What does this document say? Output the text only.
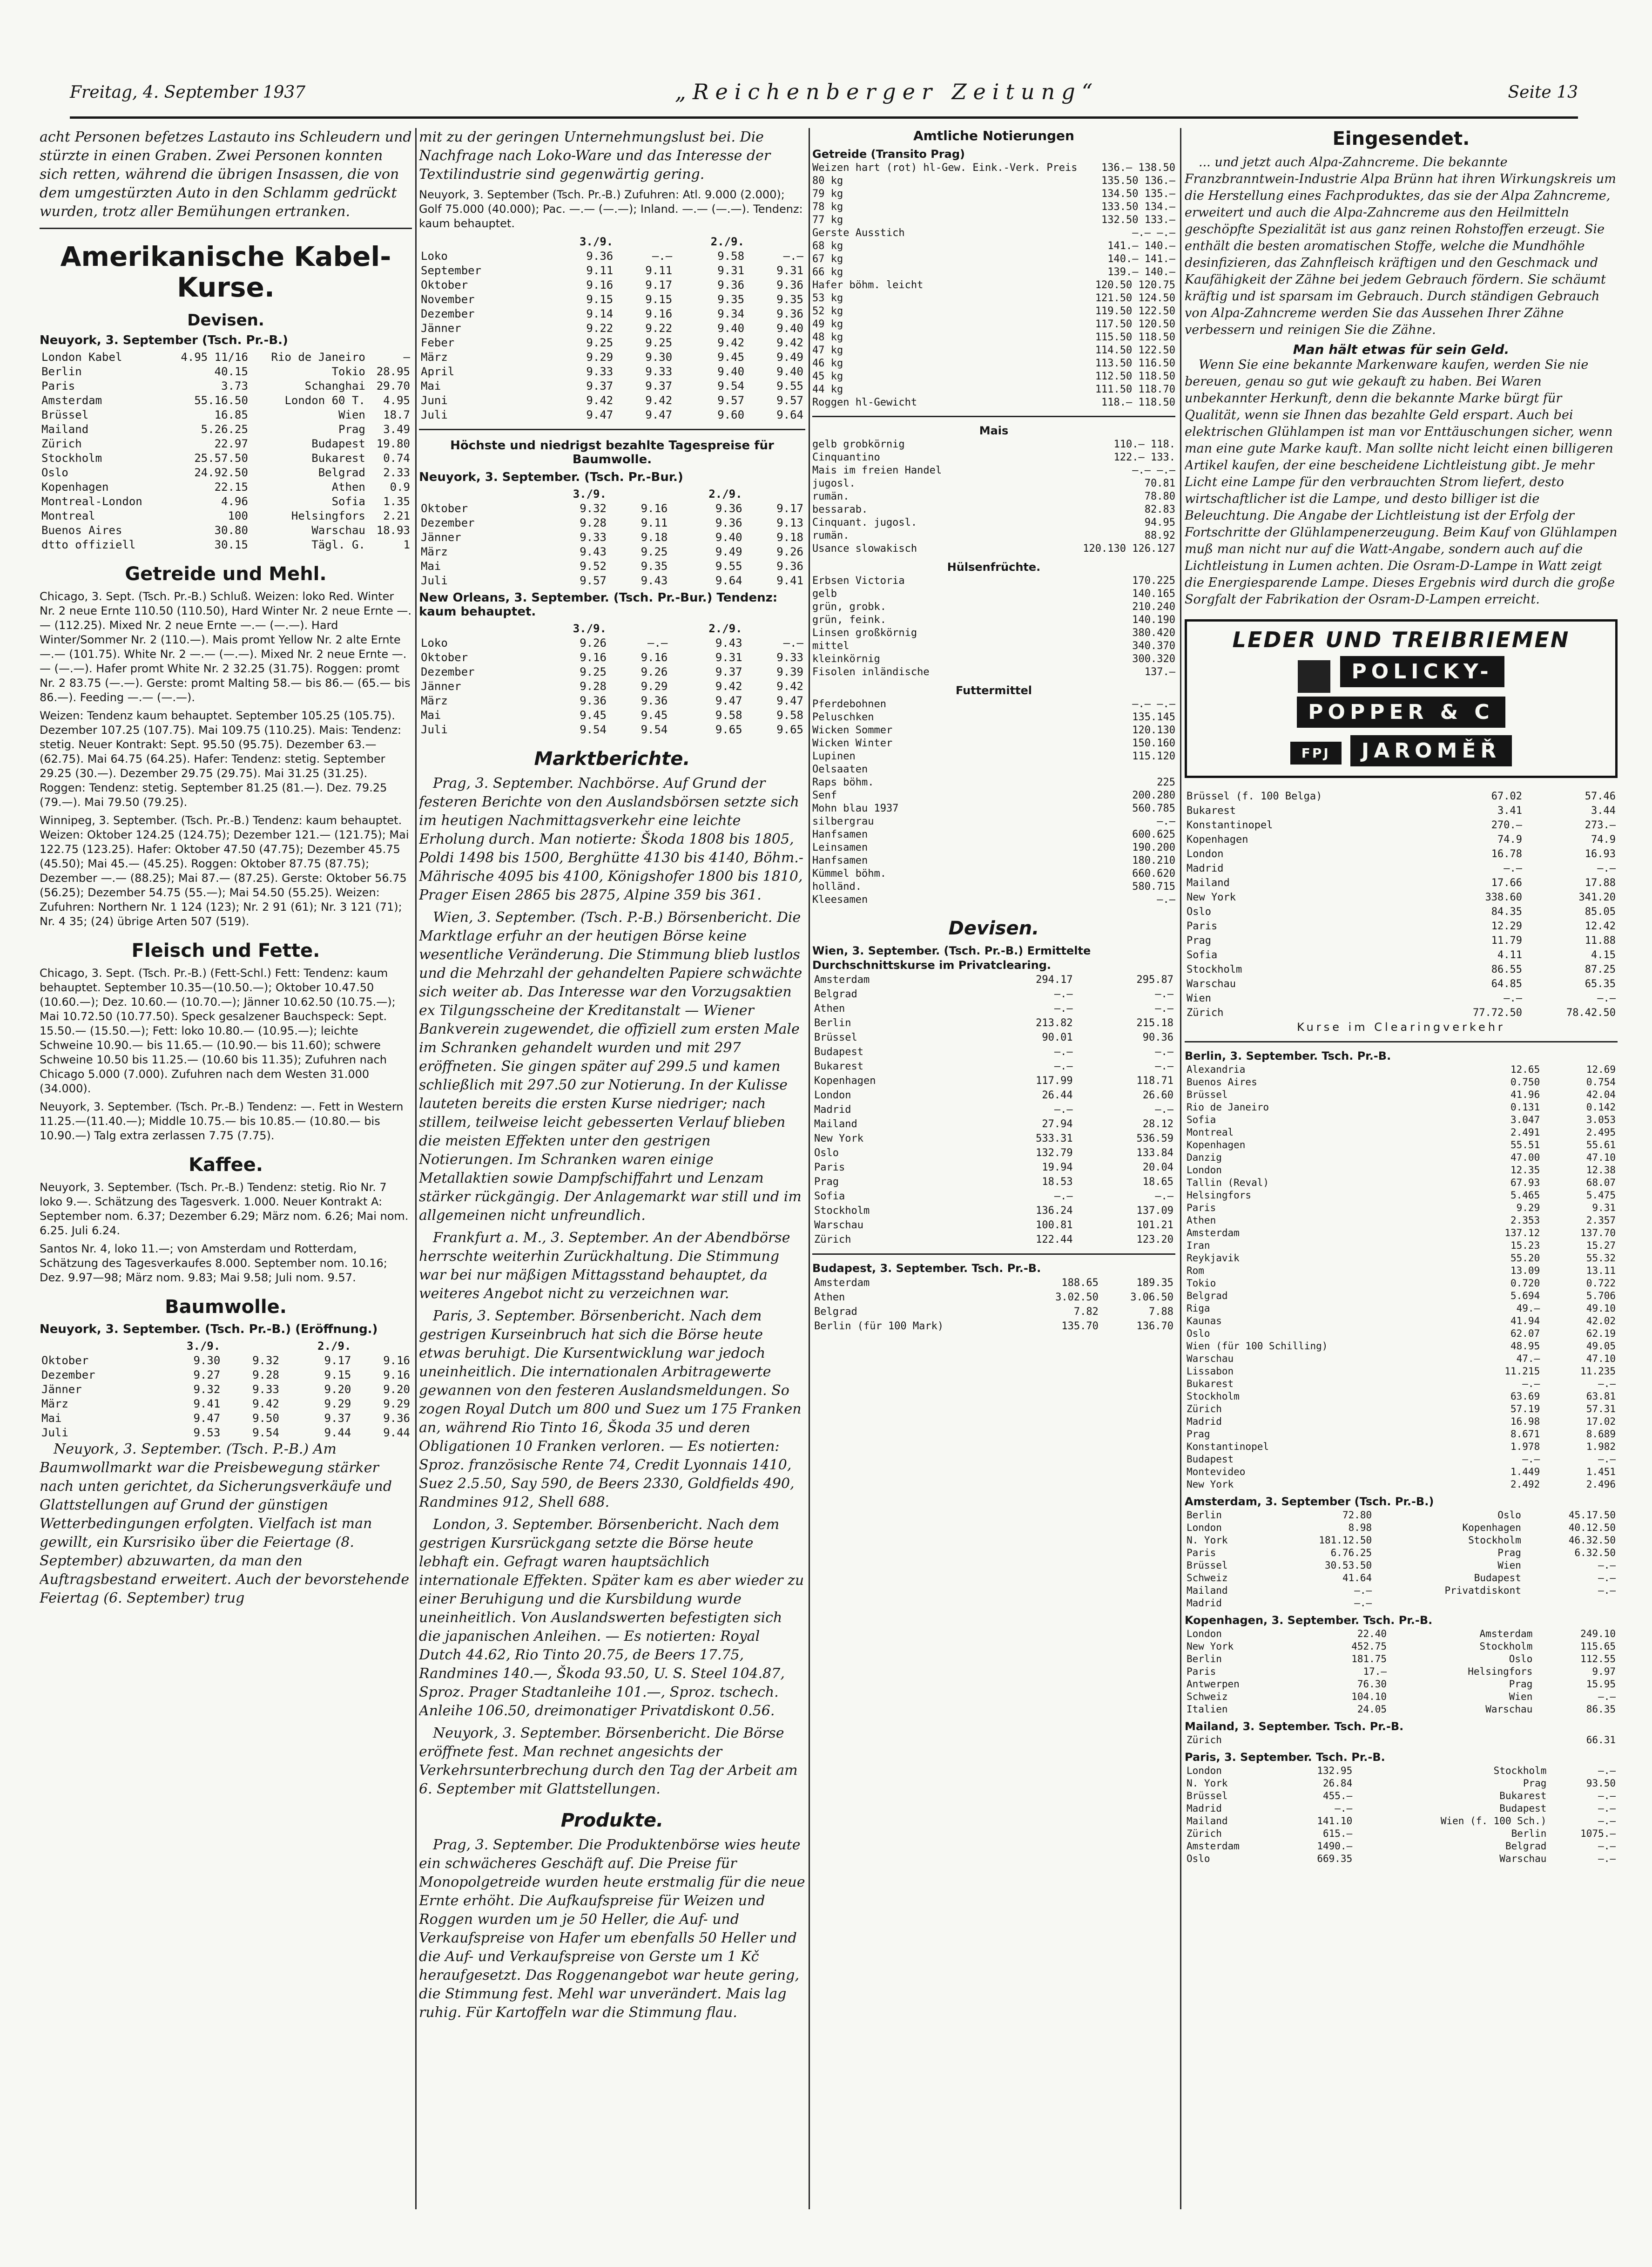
Freitag, 4. September 1937	„Reichenberger Zeitung“	Seite 13

acht Personen befetzes Lastauto ins Schleudern und stürzte in einen Graben. Zwei Personen konnten sich retten, während die übrigen Insassen, die von dem umgestürzten Auto in den Schlamm gedrückt wurden, trotz aller Bemühungen ertranken.

Amerikanische Kabel-Kurse.
Devisen.
Neuyork, 3. September (Tsch. Pr.-B.)
London Kabel	4.95 11/16	Rio de Janeiro	—
Berlin	40.15	Tokio	28.95
Paris	3.73	Schanghai	29.70
Amsterdam	55.16.50	London 60 T.	4.95
Brüssel	16.85	Wien	18.7
Mailand	5.26.25	Prag	3.49
Zürich	22.97	Budapest	19.80
Stockholm	25.57.50	Bukarest	0.74
Oslo	24.92.50	Belgrad	2.33
Kopenhagen	22.15	Athen	0.9
Montreal-London	4.96	Sofia	1.35
Montreal	100	Helsingfors	2.21
Buenos Aires	30.80	Warschau	18.93
dtto offiziell	30.15	Tägl. G.	1
Getreide und Mehl.

Chicago, 3. Sept. (Tsch. Pr.-B.) Schluß. Weizen: loko Red. Winter Nr. 2 neue Ernte 110.50 (110.50), Hard Winter Nr. 2 neue Ernte —.— (112.25). Mixed Nr. 2 neue Ernte —.— (—.—). Hard Winter/Sommer Nr. 2 (110.—). Mais promt Yellow Nr. 2 alte Ernte —.— (101.75). White Nr. 2 —.— (—.—). Mixed Nr. 2 neue Ernte —.— (—.—). Hafer promt White Nr. 2 32.25 (31.75). Roggen: promt Nr. 2 83.75 (—.—). Gerste: promt Malting 58.— bis 86.— (65.— bis 86.—). Feeding —.— (—.—).

Weizen: Tendenz kaum behauptet. September 105.25 (105.75). Dezember 107.25 (107.75). Mai 109.75 (110.25). Mais: Tendenz: stetig. Neuer Kontrakt: Sept. 95.50 (95.75). Dezember 63.— (62.75). Mai 64.75 (64.25). Hafer: Tendenz: stetig. September 29.25 (30.—). Dezember 29.75 (29.75). Mai 31.25 (31.25). Roggen: Tendenz: stetig. September 81.25 (81.—). Dez. 79.25 (79.—). Mai 79.50 (79.25).

Winnipeg, 3. September. (Tsch. Pr.-B.) Tendenz: kaum behauptet. Weizen: Oktober 124.25 (124.75); Dezember 121.— (121.75); Mai 122.75 (123.25). Hafer: Oktober 47.50 (47.75); Dezember 45.75 (45.50); Mai 45.— (45.25). Roggen: Oktober 87.75 (87.75); Dezember —.— (88.25); Mai 87.— (87.25). Gerste: Oktober 56.75 (56.25); Dezember 54.75 (55.—); Mai 54.50 (55.25). Weizen: Zufuhren: Northern Nr. 1 124 (123); Nr. 2 91 (61); Nr. 3 121 (71); Nr. 4 35; (24) übrige Arten 507 (519).

Fleisch und Fette.

Chicago, 3. Sept. (Tsch. Pr.-B.) (Fett-Schl.) Fett: Tendenz: kaum behauptet. September 10.35—(10.50.—); Oktober 10.47.50 (10.60.—); Dez. 10.60.— (10.70.—); Jänner 10.62.50 (10.75.—); Mai 10.72.50 (10.77.50). Speck gesalzener Bauchspeck: Sept. 15.50.— (15.50.—); Fett: loko 10.80.— (10.95.—); leichte Schweine 10.90.— bis 11.65.— (10.90.— bis 11.60); schwere Schweine 10.50 bis 11.25.— (10.60 bis 11.35); Zufuhren nach Chicago 5.000 (7.000). Zufuhren nach dem Westen 31.000 (34.000).

Neuyork, 3. September. (Tsch. Pr.-B.) Tendenz: —. Fett in Western 11.25.—(11.40.—); Middle 10.75.— bis 10.85.— (10.80.— bis 10.90.—) Talg extra zerlassen 7.75 (7.75).

Kaffee.

Neuyork, 3. September. (Tsch. Pr.-B.) Tendenz: stetig. Rio Nr. 7 loko 9.—. Schätzung des Tagesverk. 1.000. Neuer Kontrakt A: September nom. 6.37; Dezember 6.29; März nom. 6.26; Mai nom. 6.25. Juli 6.24.

Santos Nr. 4, loko 11.—; von Amsterdam und Rotterdam, Schätzung des Tagesverkaufes 8.000. September nom. 10.16; Dez. 9.97—98; März nom. 9.83; Mai 9.58; Juli nom. 9.57.

Baumwolle.
Neuyork, 3. September. (Tsch. Pr.-B.) (Eröffnung.)
	3./9.		2./9.	
Oktober	9.30	9.32	9.17	9.16
Dezember	9.27	9.28	9.15	9.16
Jänner	9.32	9.33	9.20	9.20
März	9.41	9.42	9.29	9.29
Mai	9.47	9.50	9.37	9.36
Juli	9.53	9.54	9.44	9.44

Neuyork, 3. September. (Tsch. P.-B.) Am Baumwollmarkt war die Preisbewegung stärker nach unten gerichtet, da Sicherungsverkäufe und Glattstellungen auf Grund der günstigen Wetterbedingungen erfolgten. Vielfach ist man gewillt, ein Kursrisiko über die Feiertage (8. September) abzuwarten, da man den Auftragsbestand erweitert. Auch der bevorstehende Feiertag (6. September) trug

mit zu der geringen Unternehmungslust bei. Die Nachfrage nach Loko-Ware und das Interesse der Textilindustrie sind gegenwärtig gering.

Neuyork, 3. September (Tsch. Pr.-B.) Zufuhren: Atl. 9.000 (2.000); Golf 75.000 (40.000); Pac. —.— (—.—); Inland. —.— (—.—). Tendenz: kaum behauptet.
	3./9.		2./9.	
Loko	9.36	—.—	9.58	—.—
September	9.11	9.11	9.31	9.31
Oktober	9.16	9.17	9.36	9.36
November	9.15	9.15	9.35	9.35
Dezember	9.14	9.16	9.34	9.36
Jänner	9.22	9.22	9.40	9.40
Feber	9.25	9.25	9.42	9.42
März	9.29	9.30	9.45	9.49
April	9.33	9.33	9.40	9.40
Mai	9.37	9.37	9.54	9.55
Juni	9.42	9.42	9.57	9.57
Juli	9.47	9.47	9.60	9.64
Höchste und niedrigst bezahlte Tagespreise für Baumwolle.
Neuyork, 3. September. (Tsch. Pr.-Bur.)
	3./9.		2./9.	
Oktober	9.32	9.16	9.36	9.17
Dezember	9.28	9.11	9.36	9.13
Jänner	9.33	9.18	9.40	9.18
März	9.43	9.25	9.49	9.26
Mai	9.52	9.35	9.55	9.36
Juli	9.57	9.43	9.64	9.41
New Orleans, 3. September. (Tsch. Pr.-Bur.) Tendenz: kaum behauptet.
	3./9.		2./9.	
Loko	9.26	—.—	9.43	—.—
Oktober	9.16	9.16	9.31	9.33
Dezember	9.25	9.26	9.37	9.39
Jänner	9.28	9.29	9.42	9.42
März	9.36	9.36	9.47	9.47
Mai	9.45	9.45	9.58	9.58
Juli	9.54	9.54	9.65	9.65
Marktberichte.

Prag, 3. September. Nachbörse. Auf Grund der festeren Berichte von den Auslandsbörsen setzte sich im heutigen Nachmittagsverkehr eine leichte Erholung durch. Man notierte: Škoda 1808 bis 1805, Poldi 1498 bis 1500, Berghütte 4130 bis 4140, Böhm.-Mährische 4095 bis 4100, Königshofer 1800 bis 1810, Prager Eisen 2865 bis 2875, Alpine 359 bis 361.

Wien, 3. September. (Tsch. P.-B.) Börsenbericht. Die Marktlage erfuhr an der heutigen Börse keine wesentliche Veränderung. Die Stimmung blieb lustlos und die Mehrzahl der gehandelten Papiere schwächte sich weiter ab. Das Interesse war den Vorzugsaktien ex Tilgungsscheine der Kreditanstalt — Wiener Bankverein zugewendet, die offiziell zum ersten Male im Schranken gehandelt wurden und mit 297 eröffneten. Sie gingen später auf 299.5 und kamen schließlich mit 297.50 zur Notierung. In der Kulisse lauteten bereits die ersten Kurse niedriger; nach stillem, teilweise leicht gebesserten Verlauf blieben die meisten Effekten unter den gestrigen Notierungen. Im Schranken waren einige Metallaktien sowie Dampfschiffahrt und Lenzam stärker rückgängig. Der Anlagemarkt war still und im allgemeinen nicht unfreundlich.

Frankfurt a. M., 3. September. An der Abendbörse herrschte weiterhin Zurückhaltung. Die Stimmung war bei nur mäßigen Mittagsstand behauptet, da weiteres Angebot nicht zu verzeichnen war.

Paris, 3. September. Börsenbericht. Nach dem gestrigen Kurseinbruch hat sich die Börse heute etwas beruhigt. Die Kursentwicklung war jedoch uneinheitlich. Die internationalen Arbitragewerte gewannen von den festeren Auslandsmeldungen. So zogen Royal Dutch um 800 und Suez um 175 Franken an, während Rio Tinto 16, Škoda 35 und deren Obligationen 10 Franken verloren. — Es notierten: Sproz. französische Rente 74, Credit Lyonnais 1410, Suez 2.5.50, Say 590, de Beers 2330, Goldfields 490, Randmines 912, Shell 688.

London, 3. September. Börsenbericht. Nach dem gestrigen Kursrückgang setzte die Börse heute lebhaft ein. Gefragt waren hauptsächlich internationale Effekten. Später kam es aber wieder zu einer Beruhigung und die Kursbildung wurde uneinheitlich. Von Auslandswerten befestigten sich die japanischen Anleihen. — Es notierten: Royal Dutch 44.62, Rio Tinto 20.75, de Beers 17.75, Randmines 140.—, Škoda 93.50, U. S. Steel 104.87, Sproz. Prager Stadtanleihe 101.—, Sproz. tschech. Anleihe 106.50, dreimonatiger Privatdiskont 0.56.

Neuyork, 3. September. Börsenbericht. Die Börse eröffnete fest. Man rechnet angesichts der Verkehrsunterbrechung durch den Tag der Arbeit am 6. September mit Glattstellungen.

Produkte.

Prag, 3. September. Die Produktenbörse wies heute ein schwächeres Geschäft auf. Die Preise für Monopolgetreide wurden heute erstmalig für die neue Ernte erhöht. Die Aufkaufspreise für Weizen und Roggen wurden um je 50 Heller, die Auf- und Verkaufspreise von Hafer um ebenfalls 50 Heller und die Auf- und Verkaufspreise von Gerste um 1 Kč heraufgesetzt. Das Roggenangebot war heute gering, die Stimmung fest. Mehl war unverändert. Mais lag ruhig. Für Kartoffeln war die Stimmung flau.

Amtliche Notierungen
Getreide (Transito Prag)
Weizen hart (rot) hl-Gew. Eink.-Verk. Preis	136.— 138.50
80 kg	135.50 136.—
79 kg	134.50 135.—
78 kg	133.50 134.—
77 kg	132.50 133.—
Gerste Ausstich	—.— —.—
68 kg	141.— 140.—
67 kg	140.— 141.—
66 kg	139.— 140.—
Hafer böhm. leicht	120.50 120.75
53 kg	121.50 124.50
52 kg	119.50 122.50
49 kg	117.50 120.50
48 kg	115.50 118.50
47 kg	114.50 122.50
46 kg	113.50 116.50
45 kg	112.50 118.50
44 kg	111.50 118.70
Roggen hl-Gewicht	118.— 118.50
Mais
gelb grobkörnig	110.— 118.
Cinquantino	122.— 133.
Mais im freien Handel	—.— —.—
jugosl.	70.81
rumän.	78.80
bessarab.	82.83
Cinquant. jugosl.	94.95
rumän.	88.92
Usance slowakisch	120.130 126.127
Hülsenfrüchte.
Erbsen Victoria	170.225
gelb	140.165
grün, grobk.	210.240
grün, feink.	140.190
Linsen großkörnig	380.420
mittel	340.370
kleinkörnig	300.320
Fisolen inländische	137.—
Futtermittel
Pferdebohnen	—.— —.—
Peluschken	135.145
Wicken Sommer	120.130
Wicken Winter	150.160
Lupinen	115.120
Oelsaaten
Raps böhm.	225
Senf	200.280
Mohn blau 1937	560.785
silbergrau	—.—
Hanfsamen	600.625
Leinsamen	190.200
Hanfsamen	180.210
Kümmel böhm.	660.620
holländ.	580.715
Kleesamen	—.—
Devisen.
Wien, 3. September. (Tsch. Pr.-B.) Ermittelte Durchschnittskurse im Privatclearing.
Amsterdam	294.17	295.87
Belgrad	—.—	—.—
Athen	—.—	—.—
Berlin	213.82	215.18
Brüssel	90.01	90.36
Budapest	—.—	—.—
Bukarest	—.—	—.—
Kopenhagen	117.99	118.71
London	26.44	26.60
Madrid	—.—	—.—
Mailand	27.94	28.12
New York	533.31	536.59
Oslo	132.79	133.84
Paris	19.94	20.04
Prag	18.53	18.65
Sofia	—.—	—.—
Stockholm	136.24	137.09
Warschau	100.81	101.21
Zürich	122.44	123.20
Budapest, 3. September. Tsch. Pr.-B.
Amsterdam	188.65	189.35
Athen	3.02.50	3.06.50
Belgrad	7.82	7.88
Berlin (für 100 Mark)	135.70	136.70
Eingesendet.

... und jetzt auch Alpa-Zahncreme. Die bekannte Franzbranntwein-Industrie Alpa Brünn hat ihren Wirkungskreis um die Herstellung eines Fachproduktes, das sie der Alpa Zahncreme, erweitert und auch die Alpa-Zahncreme aus den Heilmitteln geschöpfte Spezialität ist aus ganz reinen Rohstoffen erzeugt. Sie enthält die besten aromatischen Stoffe, welche die Mundhöhle desinfizieren, das Zahnfleisch kräftigen und den Geschmack und Kaufähigkeit der Zähne bei jedem Gebrauch fördern. Sie schäumt kräftig und ist sparsam im Gebrauch. Durch ständigen Gebrauch von Alpa-Zahncreme werden Sie das Aussehen Ihrer Zähne verbessern und reinigen Sie die Zähne.

Man hält etwas für sein Geld.

Wenn Sie eine bekannte Markenware kaufen, werden Sie nie bereuen, genau so gut wie gekauft zu haben. Bei Waren unbekannter Herkunft, denn die bekannte Marke bürgt für Qualität, wenn sie Ihnen das bezahlte Geld erspart. Auch bei elektrischen Glühlampen ist man vor Enttäuschungen sicher, wenn man eine gute Marke kauft. Man sollte nicht leicht einen billigeren Artikel kaufen, der eine bescheidene Lichtleistung gibt. Je mehr Licht eine Lampe für den verbrauchten Strom liefert, desto wirtschaftlicher ist die Lampe, und desto billiger ist die Beleuchtung. Die Angabe der Lichtleistung ist der Erfolg der Fortschritte der Glühlampenerzeugung. Beim Kauf von Glühlampen muß man nicht nur auf die Watt-Angabe, sondern auch auf die Lichtleistung in Lumen achten. Die Osram-D-Lampe in Watt zeigt die Energiesparende Lampe. Dieses Ergebnis wird durch die große Sorgfalt der Fabrikation der Osram-D-Lampen erreicht.

LEDER UND TREIBRIEMEN
POLICKY-
POPPER & C
FPJ JAROMĚŘ
Brüssel (f. 100 Belga)	67.02	57.46
Bukarest	3.41	3.44
Konstantinopel	270.—	273.—
Kopenhagen	74.9	74.9
London	16.78	16.93
Madrid	—.—	—.—
Mailand	17.66	17.88
New York	338.60	341.20
Oslo	84.35	85.05
Paris	12.29	12.42
Prag	11.79	11.88
Sofia	4.11	4.15
Stockholm	86.55	87.25
Warschau	64.85	65.35
Wien	—.—	—.—
Zürich	77.72.50	78.42.50
Kurse im Clearingverkehr
Berlin, 3. September. Tsch. Pr.-B.
Alexandria	12.65	12.69
Buenos Aires	0.750	0.754
Brüssel	41.96	42.04
Rio de Janeiro	0.131	0.142
Sofia	3.047	3.053
Montreal	2.491	2.495
Kopenhagen	55.51	55.61
Danzig	47.00	47.10
London	12.35	12.38
Tallin (Reval)	67.93	68.07
Helsingfors	5.465	5.475
Paris	9.29	9.31
Athen	2.353	2.357
Amsterdam	137.12	137.70
Iran	15.23	15.27
Reykjavik	55.20	55.32
Rom	13.09	13.11
Tokio	0.720	0.722
Belgrad	5.694	5.706
Riga	49.—	49.10
Kaunas	41.94	42.02
Oslo	62.07	62.19
Wien (für 100 Schilling)	48.95	49.05
Warschau	47.—	47.10
Lissabon	11.215	11.235
Bukarest	—.—	—.—
Stockholm	63.69	63.81
Zürich	57.19	57.31
Madrid	16.98	17.02
Prag	8.671	8.689
Konstantinopel	1.978	1.982
Budapest	—.—	—.—
Montevideo	1.449	1.451
New York	2.492	2.496
Amsterdam, 3. September (Tsch. Pr.-B.)
Berlin	72.80	Oslo	45.17.50
London	8.98	Kopenhagen	40.12.50
N. York	181.12.50	Stockholm	46.32.50
Paris	6.76.25	Prag	6.32.50
Brüssel	30.53.50	Wien	—.—
Schweiz	41.64	Budapest	—.—
Mailand	—.—	Privatdiskont	—.—
Madrid	—.—		
Kopenhagen, 3. September. Tsch. Pr.-B.
London	22.40	Amsterdam	249.10
New York	452.75	Stockholm	115.65
Berlin	181.75	Oslo	112.55
Paris	17.—	Helsingfors	9.97
Antwerpen	76.30	Prag	15.95
Schweiz	104.10	Wien	—.—
Italien	24.05	Warschau	86.35
Mailand, 3. September. Tsch. Pr.-B.
Zürich			66.31
Paris, 3. September. Tsch. Pr.-B.
London	132.95	Stockholm	—.—
N. York	26.84	Prag	93.50
Brüssel	455.—	Bukarest	—.—
Madrid	—.—	Budapest	—.—
Mailand	141.10	Wien (f. 100 Sch.)	—.—
Zürich	615.—	Berlin	1075.—
Amsterdam	1490.—	Belgrad	—.—
Oslo	669.35	Warschau	—.—
